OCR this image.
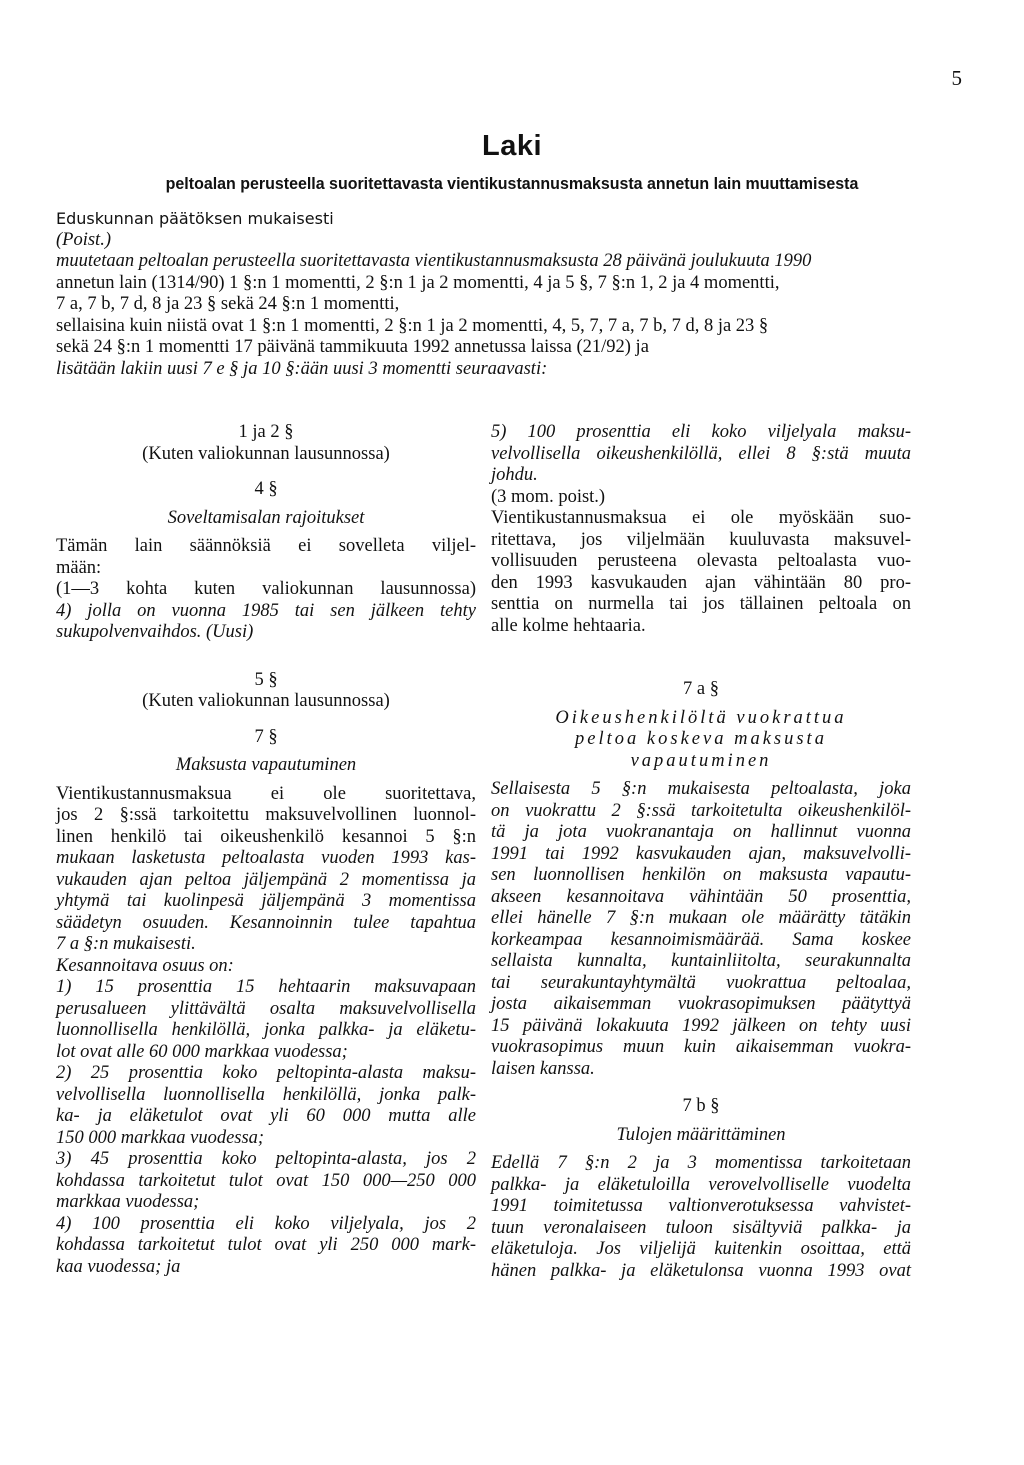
5
Laki
peltoalan perusteella suoritettavasta vientikustannusmaksusta annetun lain muuttamisesta
Eduskunnan päätöksen mukaisesti
(Poist.)
muutetaan peltoalan perusteella suoritettavasta vientikustannusmaksusta 28 päivänä joulukuuta 1990
annetun lain (1314/90) 1 §:n 1 momentti, 2 §:n 1 ja 2 momentti, 4 ja 5 §, 7 §:n 1, 2 ja 4 momentti,
7 a, 7 b, 7 d, 8 ja 23 § sekä 24 §:n 1 momentti,
sellaisina kuin niistä ovat 1 §:n 1 momentti, 2 §:n 1 ja 2 momentti, 4, 5, 7, 7 a, 7 b, 7 d, 8 ja 23 §
sekä 24 §:n 1 momentti 17 päivänä tammikuuta 1992 annetussa laissa (21/92) ja
lisätään lakiin uusi 7 e § ja 10 §:ään uusi 3 momentti seuraavasti:
1 ja 2 §
(Kuten valiokunnan lausunnossa)
4 §
Soveltamisalan rajoitukset
Tämän lain säännöksiä ei sovelleta viljel-
mään:
(1—3 kohta kuten valiokunnan lausunnossa)
4) jolla on vuonna 1985 tai sen jälkeen tehty
sukupolvenvaihdos. (Uusi)
5 §
(Kuten valiokunnan lausunnossa)
7 §
Maksusta vapautuminen
Vientikustannusmaksua ei ole suoritettava,
jos 2 §:ssä tarkoitettu maksuvelvollinen luonnol-
linen henkilö tai oikeushenkilö kesannoi 5 §:n
mukaan lasketusta peltoalasta vuoden 1993 kas-
vukauden ajan peltoa jäljempänä 2 momentissa ja
yhtymä tai kuolinpesä jäljempänä 3 momentissa
säädetyn osuuden. Kesannoinnin tulee tapahtua
7 a §:n mukaisesti.
Kesannoitava osuus on:
1) 15 prosenttia 15 hehtaarin maksuvapaan
perusalueen ylittävältä osalta maksuvelvollisella
luonnollisella henkilöllä, jonka palkka- ja eläketu-
lot ovat alle 60 000 markkaa vuodessa;
2) 25 prosenttia koko peltopinta-alasta maksu-
velvollisella luonnollisella henkilöllä, jonka palk-
ka- ja eläketulot ovat yli 60 000 mutta alle
150 000 markkaa vuodessa;
3) 45 prosenttia koko peltopinta-alasta, jos 2
kohdassa tarkoitetut tulot ovat 150 000—250 000
markkaa vuodessa;
4) 100 prosenttia eli koko viljelyala, jos 2
kohdassa tarkoitetut tulot ovat yli 250 000 mark-
kaa vuodessa; ja
5) 100 prosenttia eli koko viljelyala maksu-
velvollisella oikeushenkilöllä, ellei 8 §:stä muuta
johdu.
(3 mom. poist.)
Vientikustannusmaksua ei ole myöskään suo-
ritettava, jos viljelmään kuuluvasta maksuvel-
vollisuuden perusteena olevasta peltoalasta vuo-
den 1993 kasvukauden ajan vähintään 80 pro-
senttia on nurmella tai jos tällainen peltoala on
alle kolme hehtaaria.
7 a §
Oikeushenkilöltä vuokrattua
peltoa koskeva maksusta
vapautuminen
Sellaisesta 5 §:n mukaisesta peltoalasta, joka
on vuokrattu 2 §:ssä tarkoitetulta oikeushenkilöl-
tä ja jota vuokranantaja on hallinnut vuonna
1991 tai 1992 kasvukauden ajan, maksuvelvolli-
sen luonnollisen henkilön on maksusta vapautu-
akseen kesannoitava vähintään 50 prosenttia,
ellei hänelle 7 §:n mukaan ole määrätty tätäkin
korkeampaa kesannoimismäärää. Sama koskee
sellaista kunnalta, kuntainliitolta, seurakunnalta
tai seurakuntayhtymältä vuokrattua peltoalaa,
josta aikaisemman vuokrasopimuksen päätyttyä
15 päivänä lokakuuta 1992 jälkeen on tehty uusi
vuokrasopimus muun kuin aikaisemman vuokra-
laisen kanssa.
7 b §
Tulojen määrittäminen
Edellä 7 §:n 2 ja 3 momentissa tarkoitetaan
palkka- ja eläketuloilla verovelvolliselle vuodelta
1991 toimitetussa valtionverotuksessa vahvistet-
tuun veronalaiseen tuloon sisältyviä palkka- ja
eläketuloja. Jos viljelijä kuitenkin osoittaa, että
hänen palkka- ja eläketulonsa vuonna 1993 ovat
